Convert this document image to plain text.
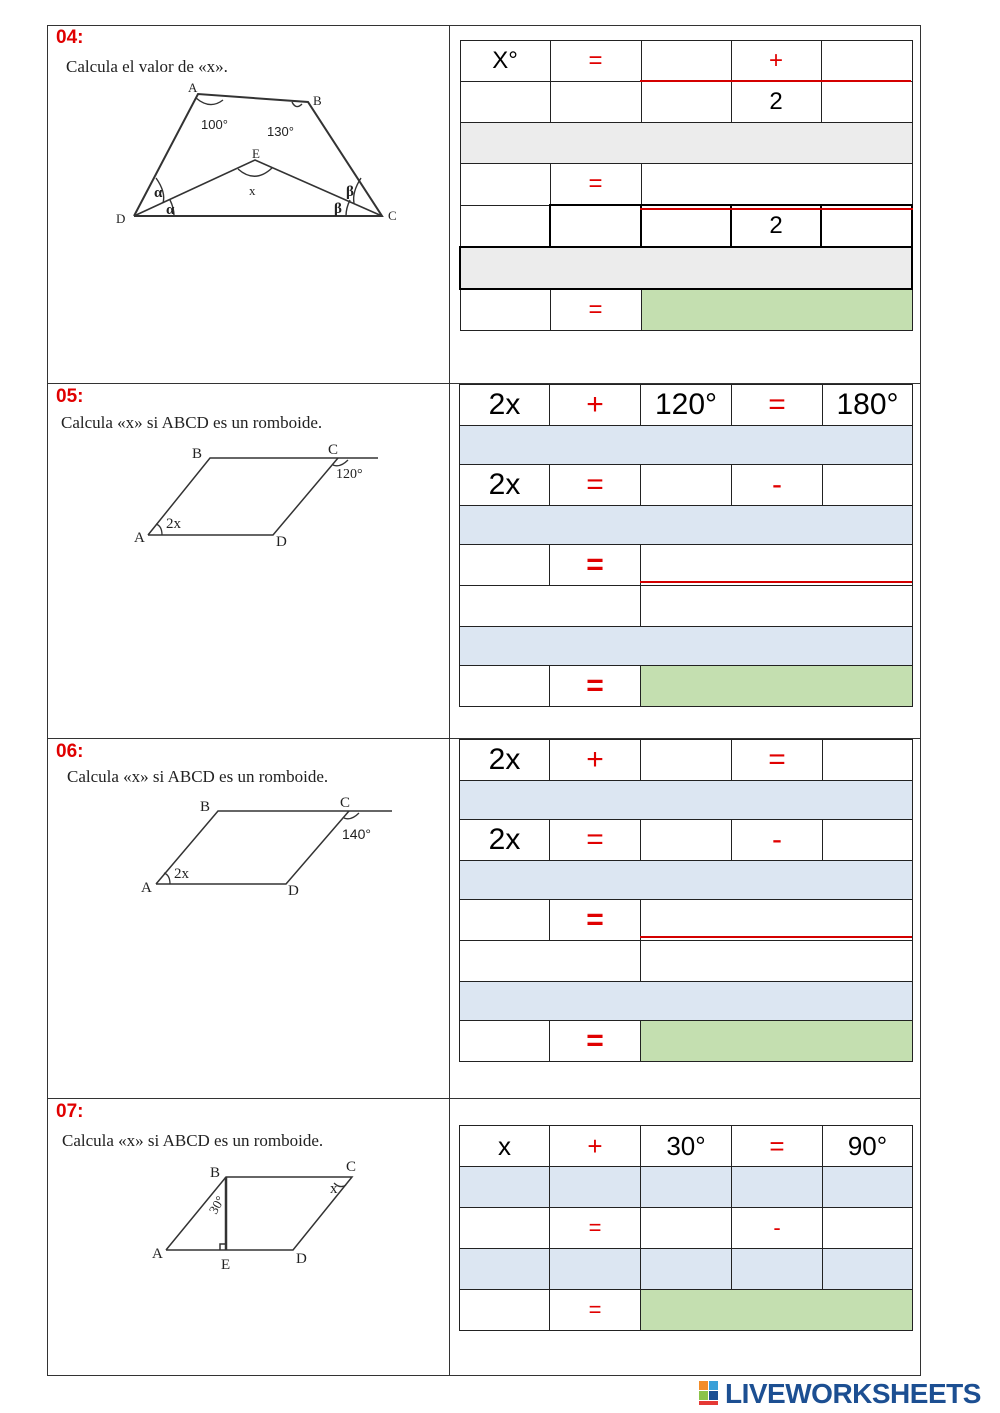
04:
Calcula el valor de «x».
A
B
C
D
E
100°	130°
x
α
α
β
β
X°	=		+	
			2	

	=			
			2	

	=			
05:
Calcula «x» si ABCD es un romboide.
A
B	C
D
2x
120°
2x	+	120°	=	180°

2x	=		-	

	=			

	=			
06:
Calcula «x» si ABCD es un romboide.
A
B	C
D
2x
140°
2x	+		=	

2x	=		-	

	=			

	=			
07:
Calcula «x» si ABCD es un romboide.
A
B	C
D
E
30°
x
x	+	30°	=	90°

	=		-	

	=			
LIVEWORKSHEETS
